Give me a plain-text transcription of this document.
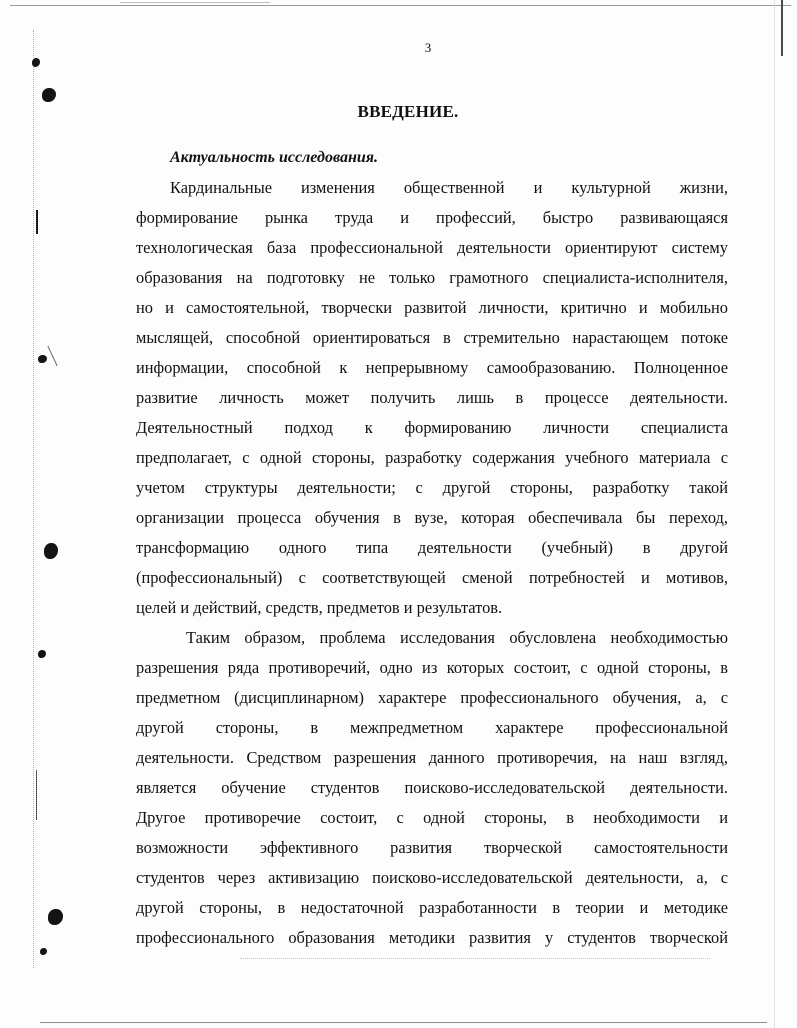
3
ВВЕДЕНИЕ.
Актуальность исследования.
Кардинальные изменения общественной и культурной жизни,
формирование рынка труда и профессий, быстро развивающаяся
технологическая база профессиональной деятельности ориентируют систему
образования на подготовку не только грамотного специалиста-исполнителя,
но и самостоятельной, творчески развитой личности, критично и мобильно
мыслящей, способной ориентироваться в стремительно нарастающем потоке
информации, способной к непрерывному самообразованию. Полноценное
развитие личность может получить лишь в процессе деятельности.
Деятельностный подход к формированию личности специалиста
предполагает, с одной стороны, разработку содержания учебного материала с
учетом структуры деятельности; с другой стороны, разработку такой
организации процесса обучения в вузе, которая обеспечивала бы переход,
трансформацию одного типа деятельности (учебный) в другой
(профессиональный) с соответствующей сменой потребностей и мотивов,
целей и действий, средств, предметов и результатов.
Таким образом, проблема исследования обусловлена необходимостью
разрешения ряда противоречий, одно из которых состоит, с одной стороны, в
предметном (дисциплинарном) характере профессионального обучения, а, с
другой стороны, в межпредметном характере профессиональной
деятельности. Средством разрешения данного противоречия, на наш взгляд,
является обучение студентов поисково-исследовательской деятельности.
Другое противоречие состоит, с одной стороны, в необходимости и
возможности эффективного развития творческой самостоятельности
студентов через активизацию поисково-исследовательской деятельности, а, с
другой стороны, в недостаточной разработанности в теории и методике
профессионального образования методики развития у студентов творческой
